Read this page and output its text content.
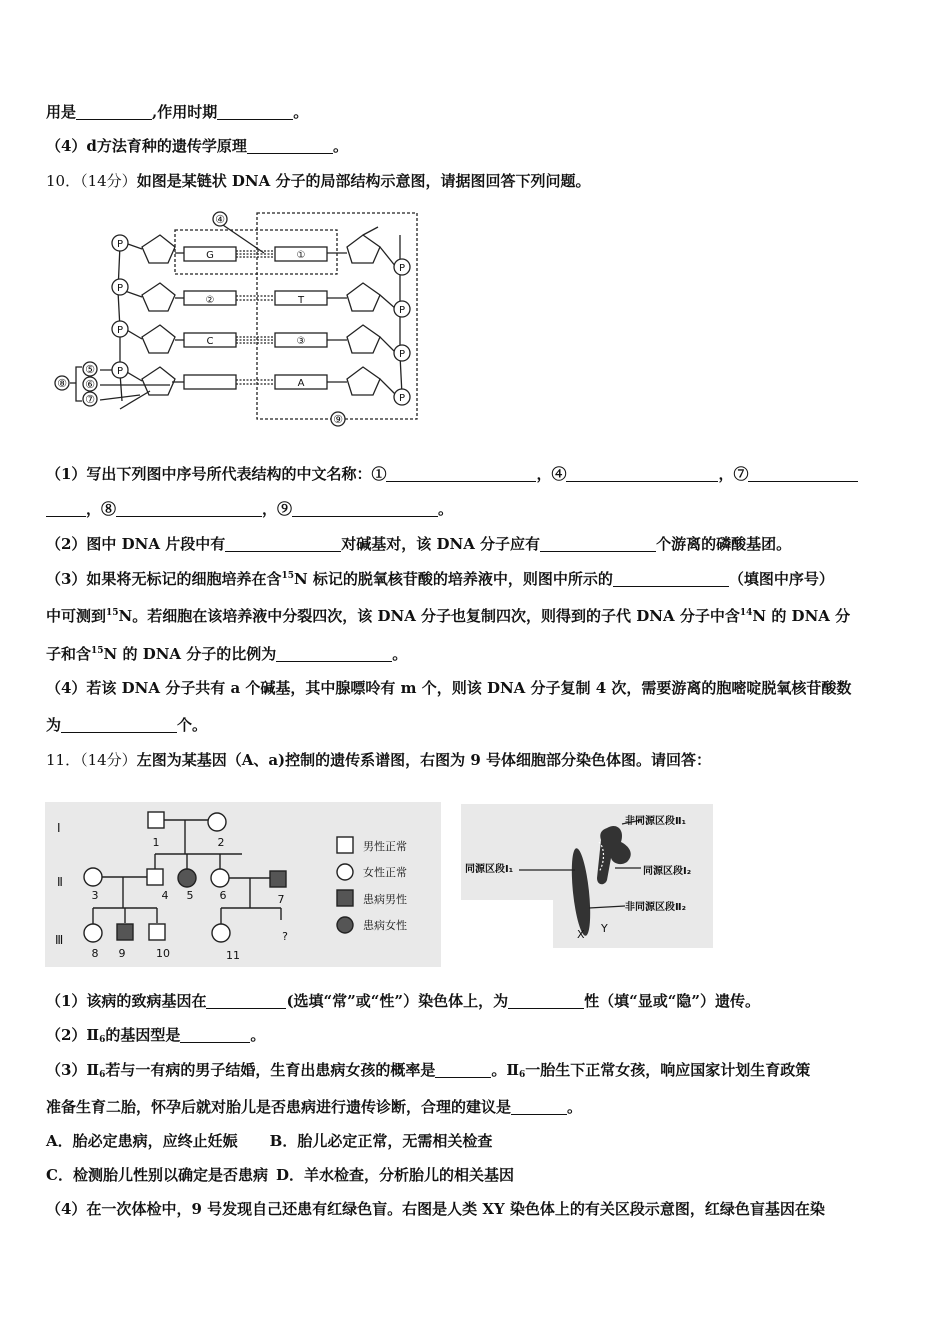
用是	,作用时期	。
（4）d方法育种的遗传学原理	。
10．（14分）如图是某链状 DNA 分子的局部结构示意图，请据图回答下列问题。
P
P
P
P
P
P
P
P
G
②
C
①
T
③
A
④
⑤
⑥
⑦
⑧
⑨
（1）写出下列图中序号所代表结构的中文名称：①	，④	，⑦
，⑧	，⑨	。
（2）图中 DNA 片段中有	对碱基对，该 DNA 分子应有	个游离的磷酸基团。
（3）如果将无标记的细胞培养在含$^{15}$N 标记的脱氧核苷酸的培养液中，则图中所示的	（填图中序号）
中可测到$^{15}$N。若细胞在该培养液中分裂四次，该 DNA 分子也复制四次，则得到的子代 DNA 分子中含$^{14}$N 的 DNA 分
子和含$^{15}$N 的 DNA 分子的比例为	。
（4）若该 DNA 分子共有 a 个碱基，其中腺嘌呤有 m 个，则该 DNA 分子复制 4 次，需要游离的胞嘧啶脱氧核苷酸数
为	个。
11．（14分）左图为某基因（A、a)控制的遗传系谱图，右图为 9 号体细胞部分染色体图。请回答：
Ⅰ
Ⅱ
Ⅲ
1	2
3	4 5 6	7
8 9	10	11
?
男性正常
女性正常
患病男性
患病女性
非同源区段Ⅱ₁
同源区段Ⅰ₁	同源区段Ⅰ₂
非同源区段Ⅱ₂
X Y
（1）该病的致病基因在	(选填“常”或“性”）染色体上，为	性（填“显或“隐”）遗传。
$(2)Ⅱ_6$的基因型是	。
$(3)Ⅱ_6$若与一有病的男子结婚，生育出患病女孩的概率是	。$Ⅱ_6$一胎生下正常女孩，响应国家计划生育政策
准备生育二胎，怀孕后就对胎儿是否患病进行遗传诊断，合理的建议是	。
A．胎必定患病，应终止妊娠 B．胎儿必定正常，无需相关检查
C．检测胎儿性别以确定是否患病 D．羊水检查，分析胎儿的相关基因
（4）在一次体检中，9 号发现自己还患有红绿色盲。右图是人类 XY 染色体上的有关区段示意图，红绿色盲基因在染
